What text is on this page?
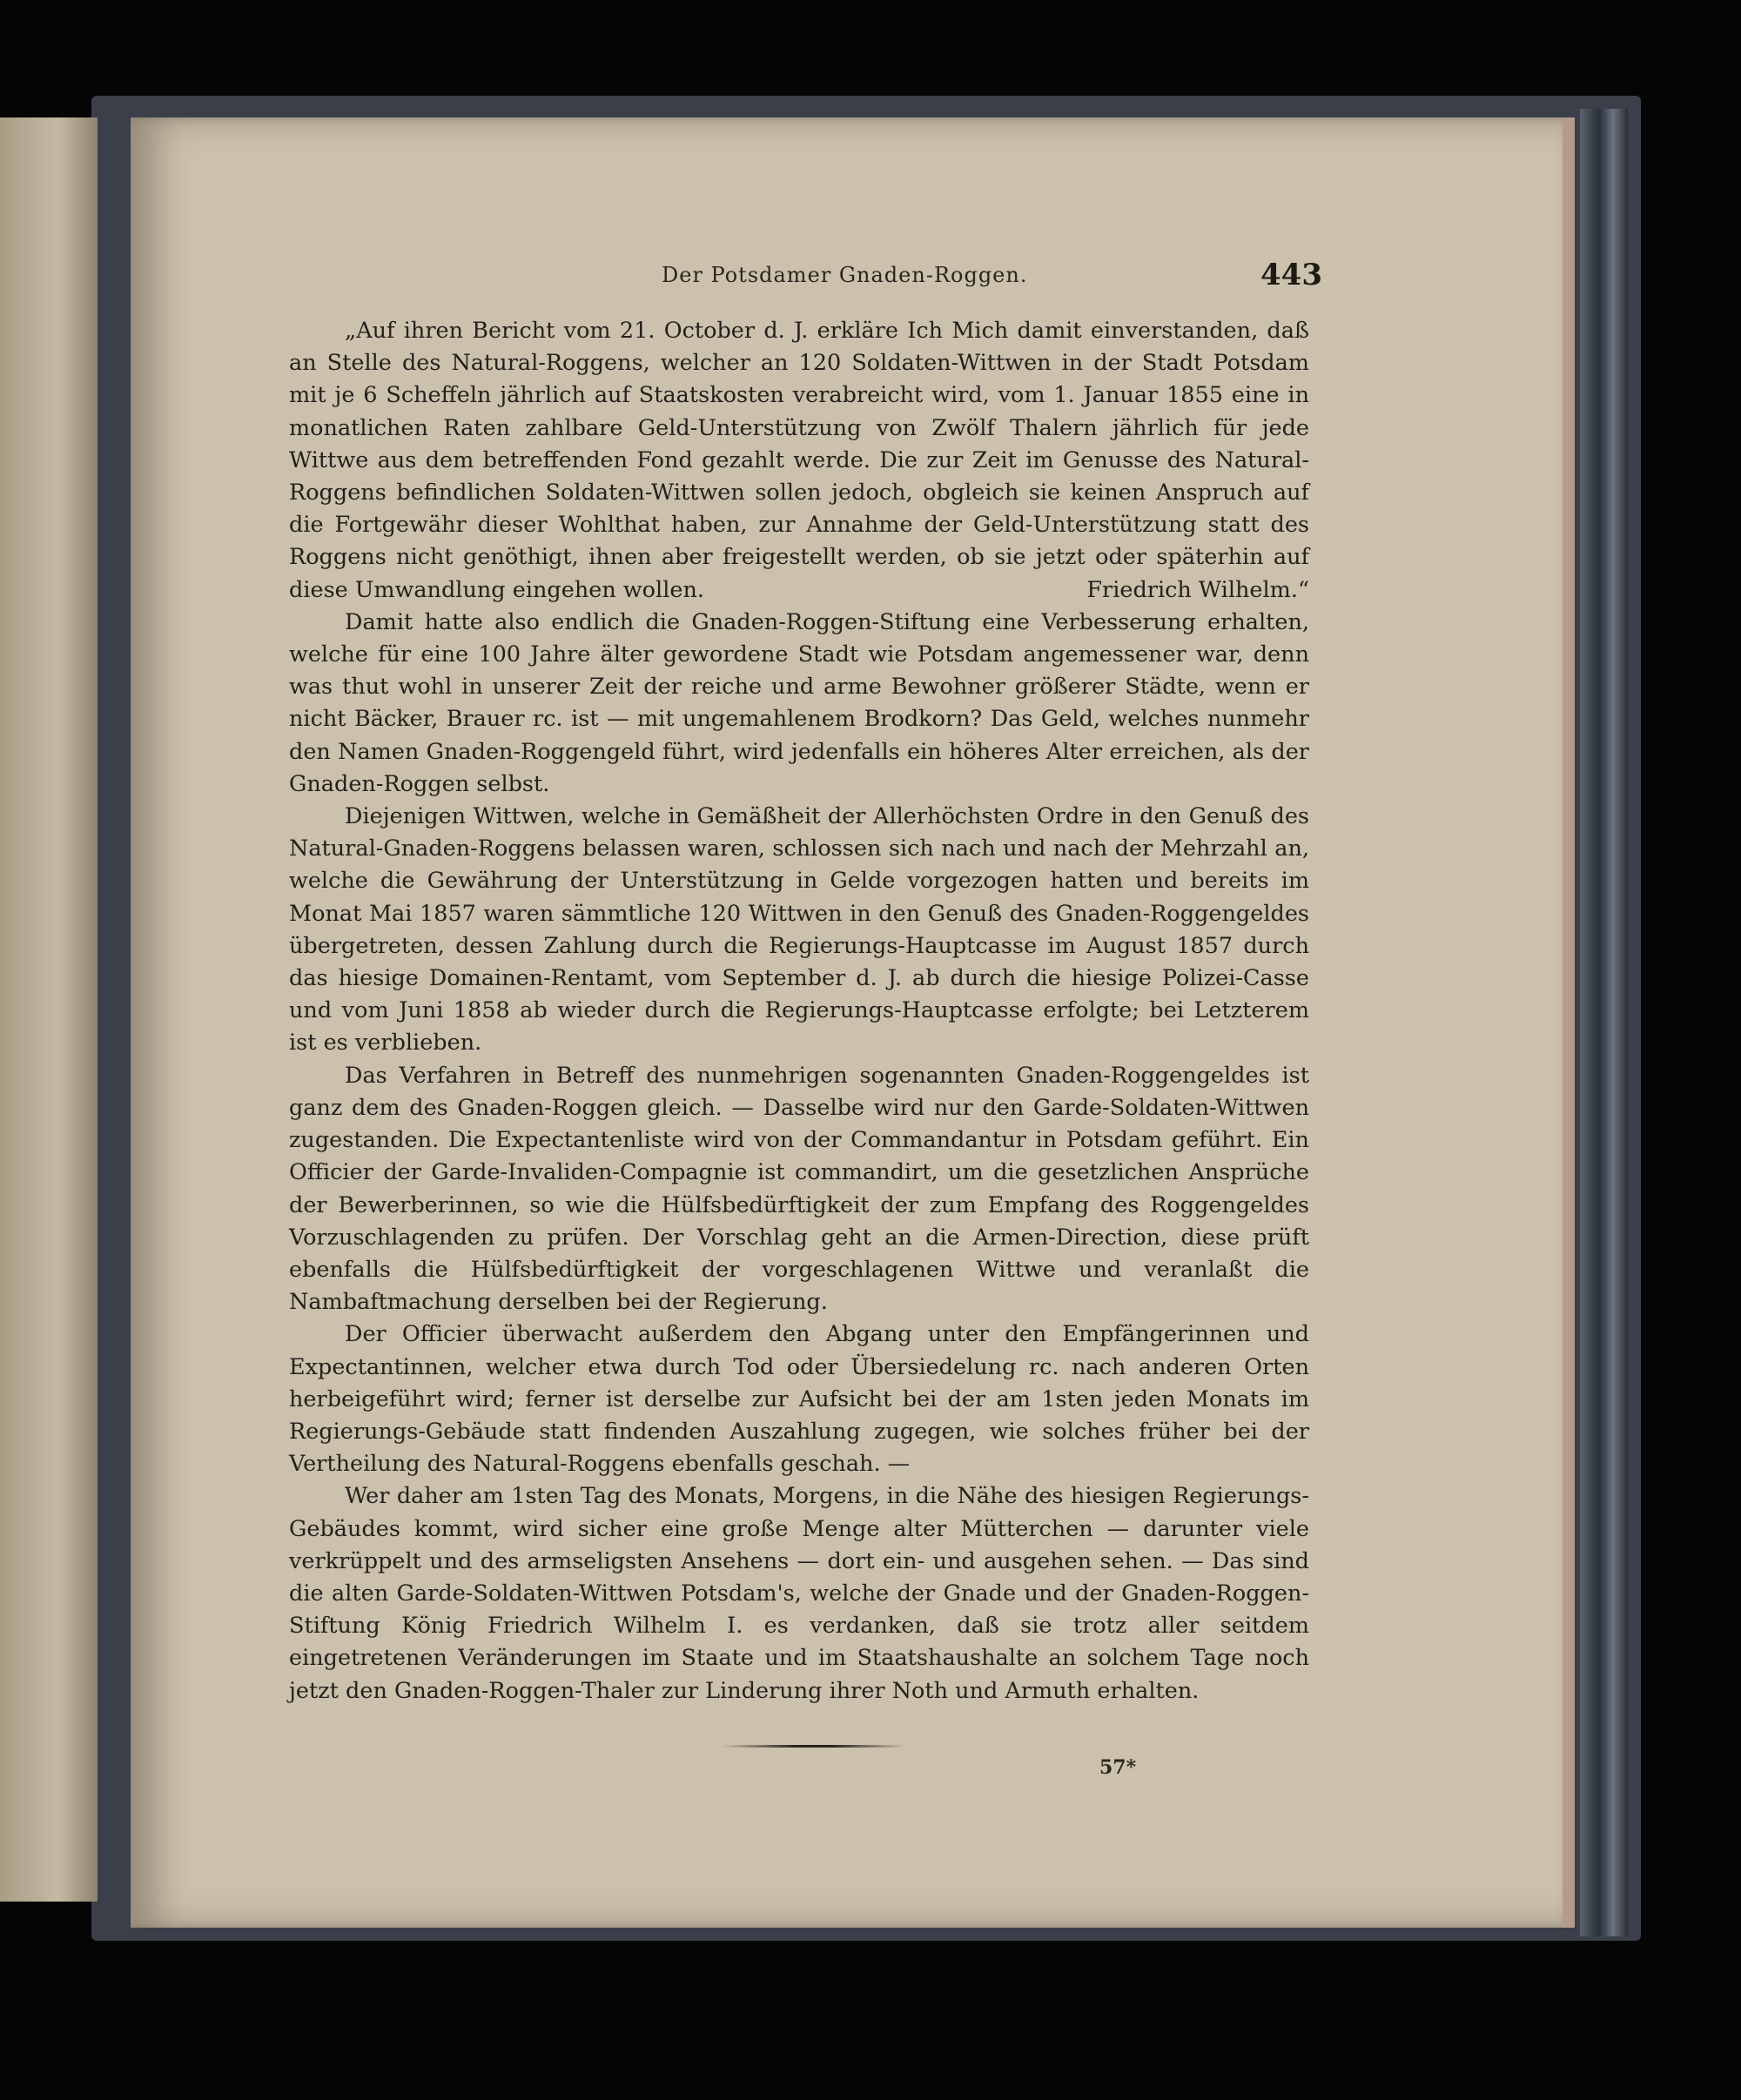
Der Potsdamer Gnaden-Roggen.	443

„Auf ihren Bericht vom 21. October d. J. erkläre Ich Mich damit einverstanden, daß an Stelle des Natural-Roggens, welcher an 120 Soldaten-Wittwen in der Stadt Potsdam mit je 6 Scheffeln jährlich auf Staatskosten verabreicht wird, vom 1. Januar 1855 eine in monatlichen Raten zahlbare Geld-Unterstützung von Zwölf Thalern jährlich für jede Wittwe aus dem betreffenden Fond gezahlt werde. Die zur Zeit im Genusse des Natural-Roggens befindlichen Soldaten-Wittwen sollen jedoch, obgleich sie keinen Anspruch auf die Fortgewähr dieser Wohlthat haben, zur Annahme der Geld-Unterstützung statt des Roggens nicht genöthigt, ihnen aber freigestellt werden, ob sie jetzt oder späterhin auf diese Umwandlung eingehen wollen.	Friedrich Wilhelm.“

Damit hatte also endlich die Gnaden-Roggen-Stiftung eine Verbesserung erhalten, welche für eine 100 Jahre älter gewordene Stadt wie Potsdam angemessener war, denn was thut wohl in unserer Zeit der reiche und arme Bewohner größerer Städte, wenn er nicht Bäcker, Brauer rc. ist — mit ungemahlenem Brodkorn? Das Geld, welches nunmehr den Namen Gnaden-Roggengeld führt, wird jedenfalls ein höheres Alter erreichen, als der Gnaden-Roggen selbst.

Diejenigen Wittwen, welche in Gemäßheit der Allerhöchsten Ordre in den Genuß des Natural-Gnaden-Roggens belassen waren, schlossen sich nach und nach der Mehrzahl an, welche die Gewährung der Unterstützung in Gelde vorgezogen hatten und bereits im Monat Mai 1857 waren sämmtliche 120 Wittwen in den Genuß des Gnaden-Roggengeldes übergetreten, dessen Zahlung durch die Regierungs-Hauptcasse im August 1857 durch das hiesige Domainen-Rentamt, vom September d. J. ab durch die hiesige Polizei-Casse und vom Juni 1858 ab wieder durch die Regierungs-Hauptcasse erfolgte; bei Letzterem ist es verblieben.

Das Verfahren in Betreff des nunmehrigen sogenannten Gnaden-Roggengeldes ist ganz dem des Gnaden-Roggen gleich. — Dasselbe wird nur den Garde-Soldaten-Wittwen zugestanden. Die Expectantenliste wird von der Commandantur in Potsdam geführt. Ein Officier der Garde-Invaliden-Compagnie ist commandirt, um die gesetzlichen Ansprüche der Bewerberinnen, so wie die Hülfsbedürftigkeit der zum Empfang des Roggengeldes Vorzuschlagenden zu prüfen. Der Vorschlag geht an die Armen-Direction, diese prüft ebenfalls die Hülfsbedürftigkeit der vorgeschlagenen Wittwe und veranlaßt die Nambaftmachung derselben bei der Regierung.

Der Officier überwacht außerdem den Abgang unter den Empfängerinnen und Expectantinnen, welcher etwa durch Tod oder Übersiedelung rc. nach anderen Orten herbeigeführt wird; ferner ist derselbe zur Aufsicht bei der am 1sten jeden Monats im Regierungs-Gebäude statt findenden Auszahlung zugegen, wie solches früher bei der Vertheilung des Natural-Roggens ebenfalls geschah. —

Wer daher am 1sten Tag des Monats, Morgens, in die Nähe des hiesigen Regierungs-Gebäudes kommt, wird sicher eine große Menge alter Mütterchen — darunter viele verkrüppelt und des armseligsten Ansehens — dort ein- und ausgehen sehen. — Das sind die alten Garde-Soldaten-Wittwen Potsdam's, welche der Gnade und der Gnaden-Roggen-Stiftung König Friedrich Wilhelm I. es verdanken, daß sie trotz aller seitdem eingetretenen Veränderungen im Staate und im Staatshaushalte an solchem Tage noch jetzt den Gnaden-Roggen-Thaler zur Linderung ihrer Noth und Armuth erhalten.

57*
